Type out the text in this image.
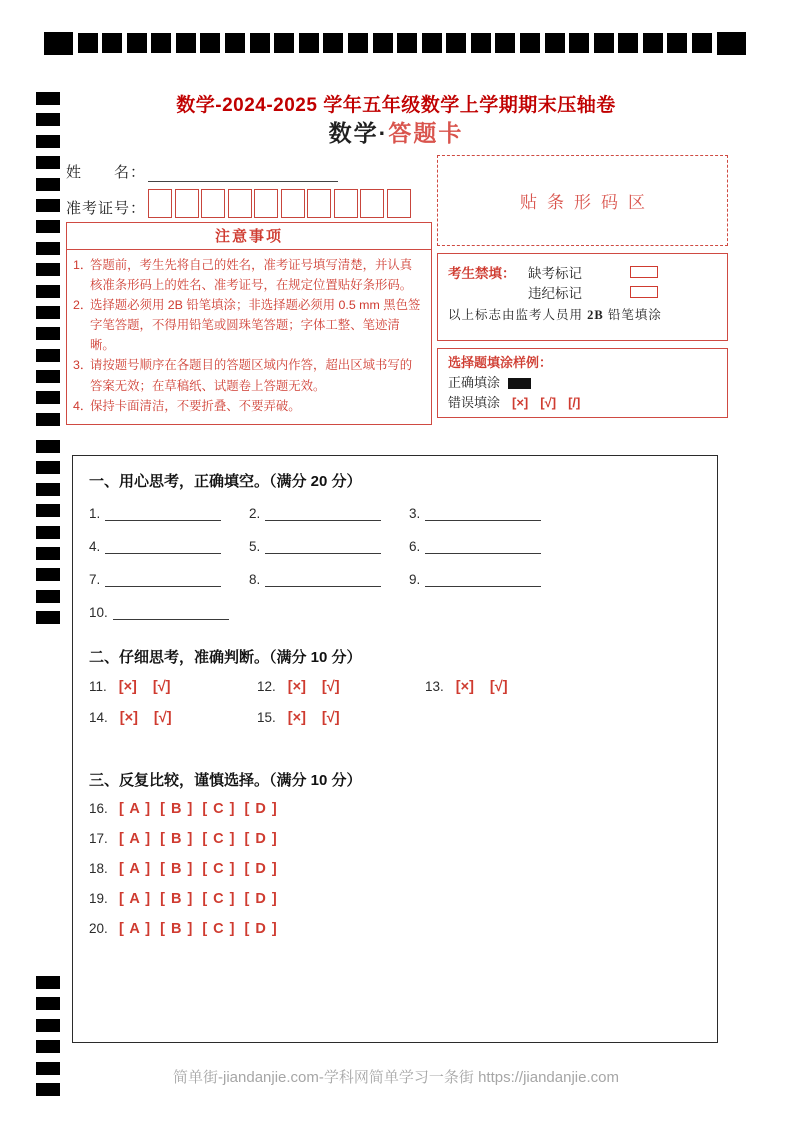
数学-2024-2025 学年五年级数学上学期期末压轴卷
数学·答题卡
姓　　名：
准考证号：
注意事项
1．
答题前，考生先将自己的姓名，准考证号填写清楚，并认真核准条形码上的姓名、准考证号，在规定位置贴好条形码。
2．
选择题必须用 2B 铅笔填涂；非选择题必须用 0.5 mm 黑色签字笔答题，不得用铅笔或圆珠笔答题；字体工整、笔迹清晰。
3．
请按题号顺序在各题目的答题区域内作答，超出区域书写的答案无效；在草稿纸、试题卷上答题无效。
4．
保持卡面清洁，不要折叠、不要弄破。
贴条形码区
考生禁填： 缺考标记
违纪标记
以上标志由监考人员用 2B 铅笔填涂
选择题填涂样例：
正确填涂
错误填涂 [×] [√] [/]
一、用心思考，正确填空。（满分 20 分）
1.	2.	3.
4.	5.	6.
7.	8.	9.
10.
二、仔细思考，准确判断。（满分 10 分）
11. [×] [√]	12. [×] [√]	13. [×] [√]
14. [×] [√]	15. [×] [√]
三、反复比较，谨慎选择。（满分 10 分）
16. [ A ] [ B ] [ C ] [ D ]
17. [ A ] [ B ] [ C ] [ D ]
18. [ A ] [ B ] [ C ] [ D ]
19. [ A ] [ B ] [ C ] [ D ]
20. [ A ] [ B ] [ C ] [ D ]
简单街-jiandanjie.com-学科网简单学习一条街 https://jiandanjie.com
